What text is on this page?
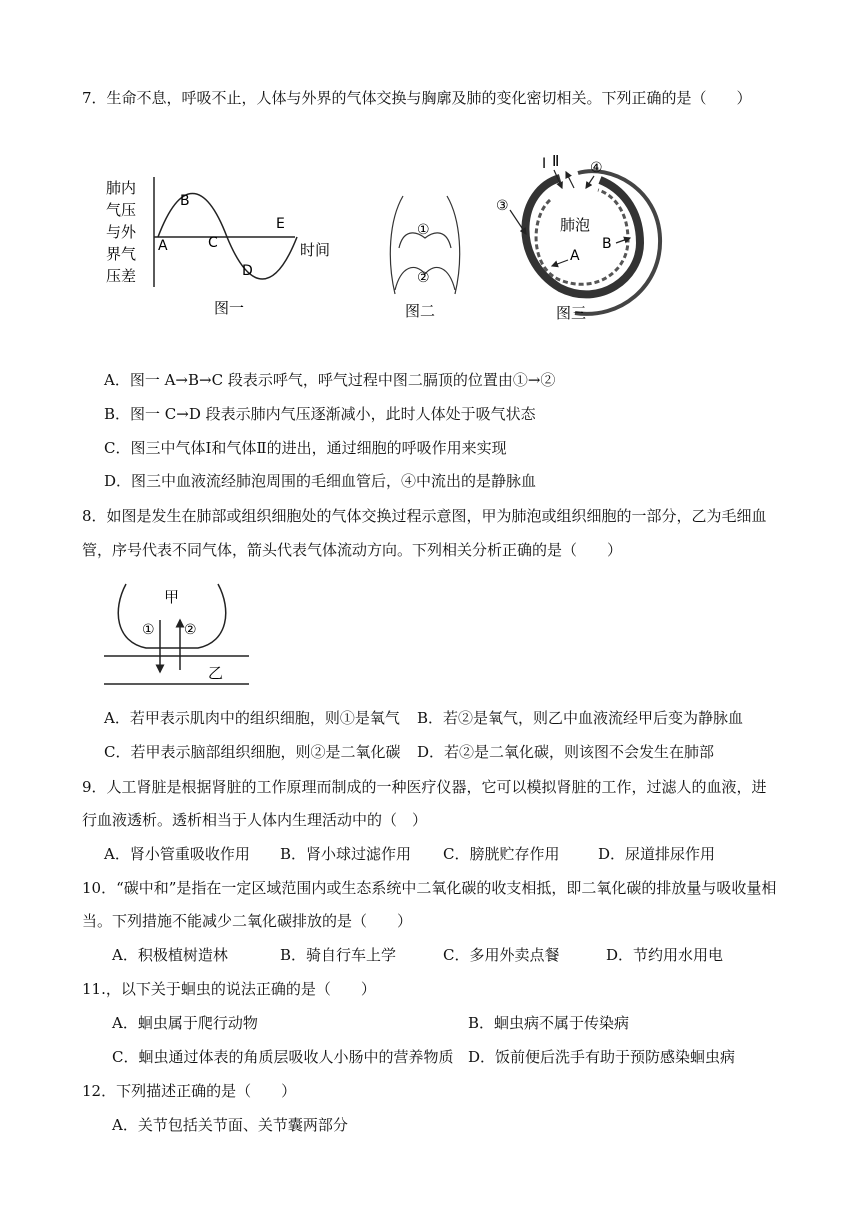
7．生命不息，呼吸不止，人体与外界的气体交换与胸廓及肺的变化密切相关。下列正确的是（　　）
肺内
气压
与外
界气
压差
A
B
C
D
E
时间
图一
①
②
图二
I Ⅱ
③
④
肺泡
A
B
图三
A．图一 A→B→C 段表示呼气，呼气过程中图二膈顶的位置由①→②
B．图一 C→D 段表示肺内气压逐渐减小，此时人体处于吸气状态
C．图三中气体Ⅰ和气体Ⅱ的进出，通过细胞的呼吸作用来实现
D．图三中血液流经肺泡周围的毛细血管后，④中流出的是静脉血
8．如图是发生在肺部或组织细胞处的气体交换过程示意图，甲为肺泡或组织细胞的一部分，乙为毛细血
管，序号代表不同气体，箭头代表气体流动方向。下列相关分析正确的是（　　）
甲
乙
① ②
A．若甲表示肌肉中的组织细胞，则①是氧气 B．若②是氧气，则乙中血液流经甲后变为静脉血
C．若甲表示脑部组织细胞，则②是二氧化碳 D．若②是二氧化碳，则该图不会发生在肺部
9．人工肾脏是根据肾脏的工作原理而制成的一种医疗仪器，它可以模拟肾脏的工作，过滤人的血液，进
行血液透析。透析相当于人体内生理活动中的（　）
A．肾小管重吸收作用 B．肾小球过滤作用 C．膀胱贮存作用	D．尿道排尿作用
10．“碳中和”是指在一定区域范围内或生态系统中二氧化碳的收支相抵，即二氧化碳的排放量与吸收量相
当。下列措施不能减少二氧化碳排放的是（　　）
A．积极植树造林	B．骑自行车上学	C．多用外卖点餐	D．节约用水用电
11.，以下关于蛔虫的说法正确的是（　　）
A．蛔虫属于爬行动物	B．蛔虫病不属于传染病
C．蛔虫通过体表的角质层吸收人小肠中的营养物质 D．饭前便后洗手有助于预防感染蛔虫病
12．下列描述正确的是（　　）
A．关节包括关节面、关节囊两部分
